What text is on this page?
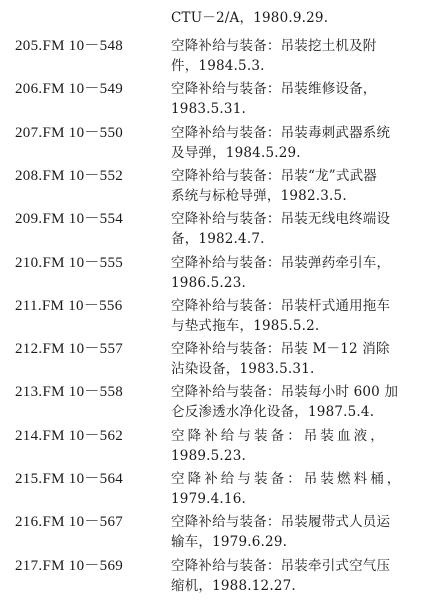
CTU－2/A，1980.9.29.
205.FM 10－548	空降补给与装备：吊装挖土机及附
件，1984.5.3.
206.FM 10－549	空降补给与装备：吊装维修设备，
1983.5.31.
207.FM 10－550	空降补给与装备：吊装毒刺武器系统
及导弹，1984.5.29.
208.FM 10－552	空降补给与装备：吊装“龙”式武器
系统与标枪导弹，1982.3.5.
209.FM 10－554	空降补给与装备：吊装无线电终端设
备，1982.4.7.
210.FM 10－555	空降补给与装备：吊装弹药牵引车，
1986.5.23.
211.FM 10－556	空降补给与装备：吊装杆式通用拖车
与垫式拖车，1985.5.2.
212.FM 10－557	空降补给与装备：吊装 M－12 消除
沾染设备，1983.5.31.
213.FM 10－558	空降补给与装备：吊装每小时 600 加
仑反渗透水净化设备，1987.5.4.
214.FM 10－562	空降补给与装备：吊装血液，
1989.5.23.
215.FM 10－564	空降补给与装备：吊装燃料桶，
1979.4.16.
216.FM 10－567	空降补给与装备：吊装履带式人员运
输车，1979.6.29.
217.FM 10－569	空降补给与装备：吊装牵引式空气压
缩机，1988.12.27.
